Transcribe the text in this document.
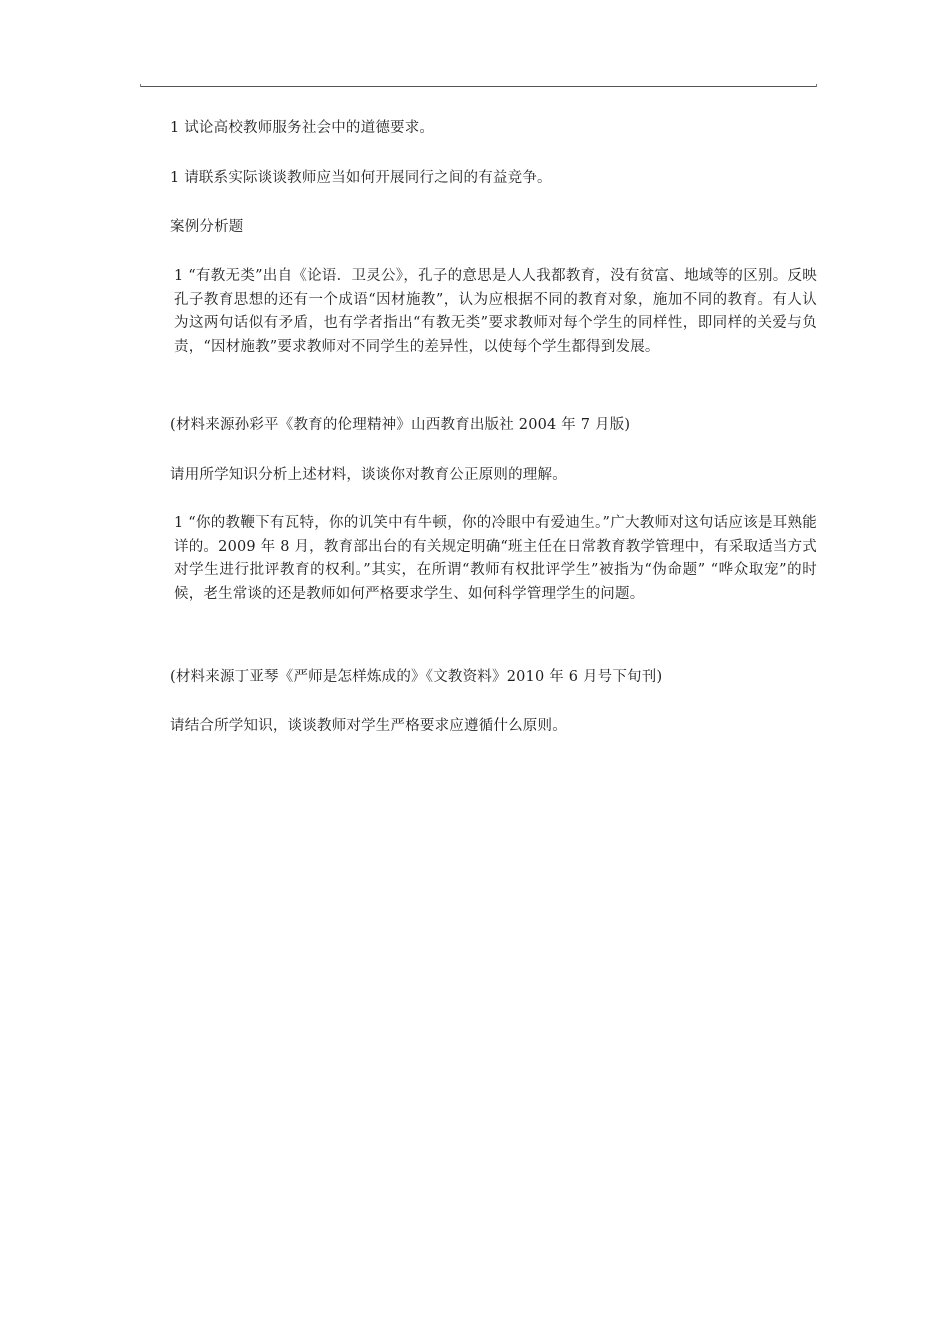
1 试论高校教师服务社会中的道德要求。
1 请联系实际谈谈教师应当如何开展同行之间的有益竞争。
案例分析题
1 “有教无类”出自《论语．卫灵公》，孔子的意思是人人我都教育，没有贫富、地域等的区别。反映孔子教育思想的还有一个成语“因材施教”，认为应根据不同的教育对象，施加不同的教育。有人认为这两句话似有矛盾，也有学者指出“有教无类”要求教师对每个学生的同样性，即同样的关爱与负责，“因材施教”要求教师对不同学生的差异性，以使每个学生都得到发展。
(材料来源孙彩平《教育的伦理精神》山西教育出版社 2004 年 7 月版)
请用所学知识分析上述材料，谈谈你对教育公正原则的理解。
1 “你的教鞭下有瓦特，你的讥笑中有牛顿，你的冷眼中有爱迪生。”广大教师对这句话应该是耳熟能详的。2009 年 8 月，教育部出台的有关规定明确“班主任在日常教育教学管理中，有采取适当方式对学生进行批评教育的权利。”其实，在所谓“教师有权批评学生”被指为“伪命题” “哗众取宠”的时候，老生常谈的还是教师如何严格要求学生、如何科学管理学生的问题。
(材料来源丁亚琴《严师是怎样炼成的》《文教资料》2010 年 6 月号下旬刊)
请结合所学知识，谈谈教师对学生严格要求应遵循什么原则。
